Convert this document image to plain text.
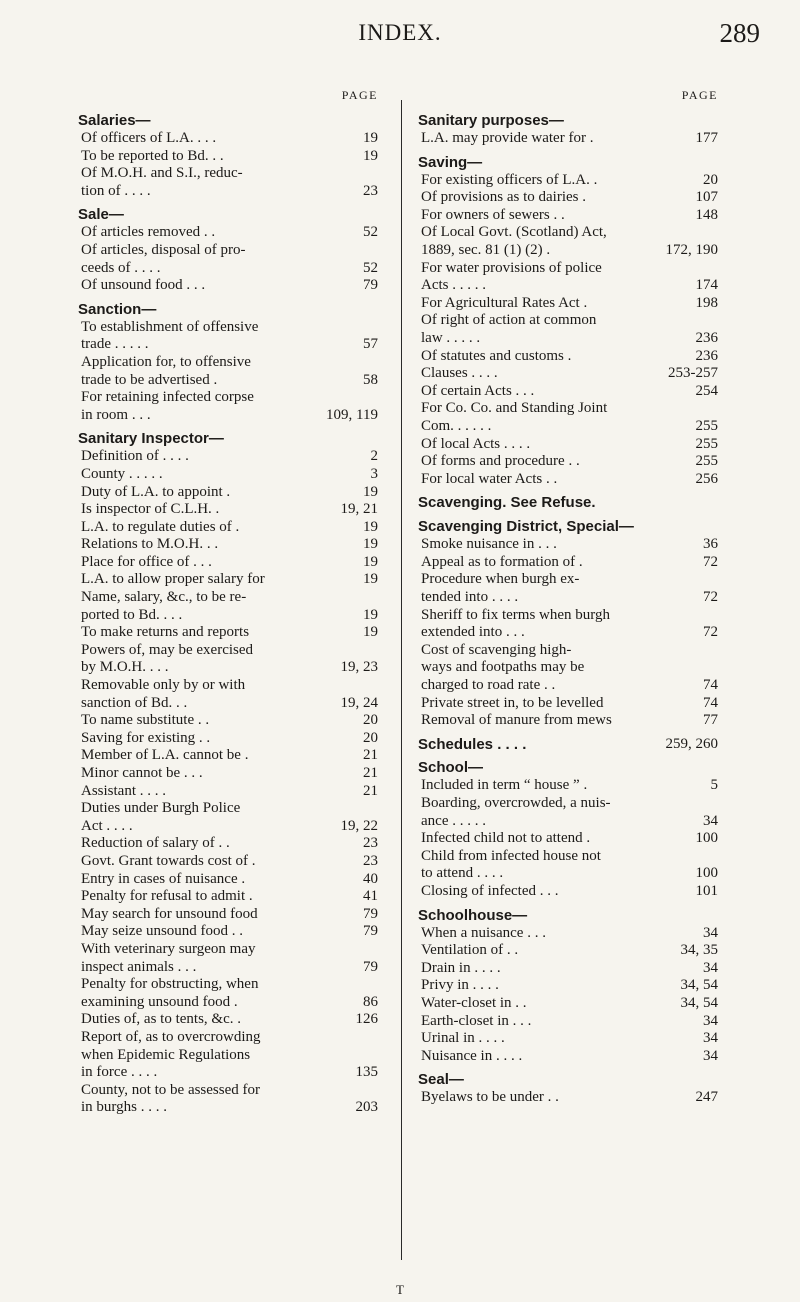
INDEX.	289
PAGE
Salaries—
Of officers of L.A. . . .	19
To be reported to Bd. . .	19
Of M.O.H. and S.I., reduc-
tion of . . . .	23
Sale—
Of articles removed . .	52
Of articles, disposal of pro-
ceeds of . . . .	52
Of unsound food . . .	79
Sanction—
To establishment of offensive
trade . . . . .	57
Application for, to offensive
trade to be advertised .	58
For retaining infected corpse
in room . . .	109, 119
Sanitary Inspector—
Definition of . . . .	2
County . . . . .	3
Duty of L.A. to appoint .	19
Is inspector of C.L.H. .	19, 21
L.A. to regulate duties of .	19
Relations to M.O.H. . .	19
Place for office of . . .	19
L.A. to allow proper salary for	19
Name, salary, &c., to be re-
ported to Bd. . . .	19
To make returns and reports	19
Powers of, may be exercised
by M.O.H. . . .	19, 23
Removable only by or with
sanction of Bd. . .	19, 24
To name substitute . .	20
Saving for existing . .	20
Member of L.A. cannot be .	21
Minor cannot be . . .	21
Assistant . . . .	21
Duties under Burgh Police
Act . . . .	19, 22
Reduction of salary of . .	23
Govt. Grant towards cost of .	23
Entry in cases of nuisance .	40
Penalty for refusal to admit .	41
May search for unsound food	79
May seize unsound food . .	79
With veterinary surgeon may
inspect animals . . .	79
Penalty for obstructing, when
examining unsound food .	86
Duties of, as to tents, &c. .	126
Report of, as to overcrowding
when Epidemic Regulations
in force . . . .	135
County, not to be assessed for
in burghs . . . .	203
PAGE
Sanitary purposes—
L.A. may provide water for .	177
Saving—
For existing officers of L.A. .	20
Of provisions as to dairies .	107
For owners of sewers . .	148
Of Local Govt. (Scotland) Act,
1889, sec. 81 (1) (2) .	172, 190
For water provisions of police
Acts . . . . .	174
For Agricultural Rates Act .	198
Of right of action at common
law . . . . .	236
Of statutes and customs .	236
Clauses . . . .	253-257
Of certain Acts . . .	254
For Co. Co. and Standing Joint
Com. . . . . .	255
Of local Acts . . . .	255
Of forms and procedure . .	255
For local water Acts . .	256
Scavenging. See Refuse.
Scavenging District, Special—
Smoke nuisance in . . .	36
Appeal as to formation of .	72
Procedure when burgh ex-
tended into . . . .	72
Sheriff to fix terms when burgh
extended into . . .	72
Cost of scavenging high-
ways and footpaths may be
charged to road rate . .	74
Private street in, to be levelled	74
Removal of manure from mews	77
Schedules . . . .	259, 260
School—
Included in term “ house ” .	5
Boarding, overcrowded, a nuis-
ance . . . . .	34
Infected child not to attend .	100
Child from infected house not
to attend . . . .	100
Closing of infected . . .	101
Schoolhouse—
When a nuisance . . .	34
Ventilation of . .	34, 35
Drain in . . . .	34
Privy in . . . .	34, 54
Water-closet in . .	34, 54
Earth-closet in . . .	34
Urinal in . . . .	34
Nuisance in . . . .	34
Seal—
Byelaws to be under . .	247
T
